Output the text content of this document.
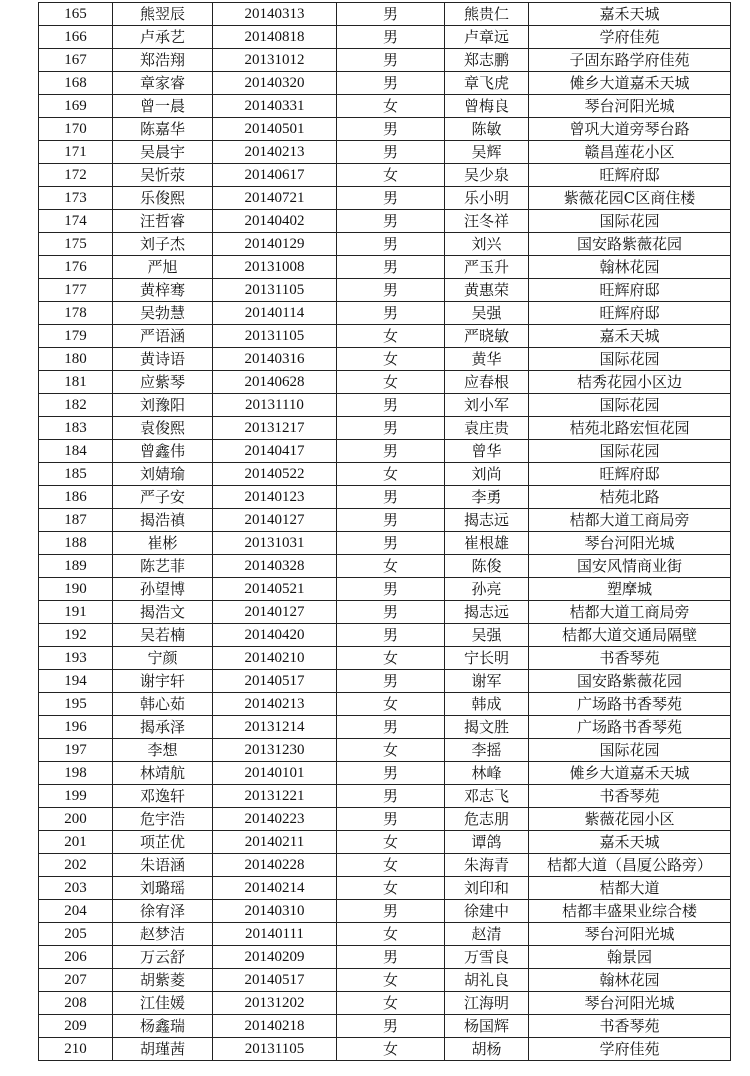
165	熊翌辰	20140313	男	熊贵仁	嘉禾天城
166	卢承艺	20140818	男	卢章远	学府佳苑
167	郑浩翔	20131012	男	郑志鹏	子固东路学府佳苑
168	章家睿	20140320	男	章飞虎	傩乡大道嘉禾天城
169	曾一晨	20140331	女	曾梅良	琴台河阳光城
170	陈嘉华	20140501	男	陈敏	曾巩大道旁琴台路
171	吴晨宇	20140213	男	吴辉	赣昌莲花小区
172	吴忻荥	20140617	女	吴少泉	旺辉府邸
173	乐俊熙	20140721	男	乐小明	紫薇花园C区商住楼
174	汪哲睿	20140402	男	汪冬祥	国际花园
175	刘子杰	20140129	男	刘兴	国安路紫薇花园
176	严旭	20131008	男	严玉升	翰林花园
177	黄梓骞	20131105	男	黄惠荣	旺辉府邸
178	吴勃慧	20140114	男	吴强	旺辉府邸
179	严语涵	20131105	女	严晓敏	嘉禾天城
180	黄诗语	20140316	女	黄华	国际花园
181	应紫琴	20140628	女	应春根	桔秀花园小区边
182	刘豫阳	20131110	男	刘小军	国际花园
183	袁俊熙	20131217	男	袁庄贵	桔苑北路宏恒花园
184	曾鑫伟	20140417	男	曾华	国际花园
185	刘婧瑜	20140522	女	刘尚	旺辉府邸
186	严子安	20140123	男	李勇	桔苑北路
187	揭浩禛	20140127	男	揭志远	桔都大道工商局旁
188	崔彬	20131031	男	崔根雄	琴台河阳光城
189	陈艺菲	20140328	女	陈俊	国安风情商业街
190	孙望博	20140521	男	孙亮	塑摩城
191	揭浩文	20140127	男	揭志远	桔都大道工商局旁
192	吴若楠	20140420	男	吴强	桔都大道交通局隔壁
193	宁颜	20140210	女	宁长明	书香琴苑
194	谢宇轩	20140517	男	谢军	国安路紫薇花园
195	韩心茹	20140213	女	韩成	广场路书香琴苑
196	揭承泽	20131214	男	揭文胜	广场路书香琴苑
197	李想	20131230	女	李摇	国际花园
198	林靖航	20140101	男	林峰	傩乡大道嘉禾天城
199	邓逸轩	20131221	男	邓志飞	书香琴苑
200	危宇浩	20140223	男	危志朋	紫薇花园小区
201	项芷优	20140211	女	谭鸽	嘉禾天城
202	朱语涵	20140228	女	朱海青	桔都大道（昌厦公路旁）
203	刘璐瑶	20140214	女	刘印和	桔都大道
204	徐宥泽	20140310	男	徐建中	桔都丰盛果业综合楼
205	赵梦洁	20140111	女	赵清	琴台河阳光城
206	万云舒	20140209	男	万雪良	翰景园
207	胡紫菱	20140517	女	胡礼良	翰林花园
208	江佳媛	20131202	女	江海明	琴台河阳光城
209	杨鑫瑞	20140218	男	杨国辉	书香琴苑
210	胡瑾茜	20131105	女	胡杨	学府佳苑
